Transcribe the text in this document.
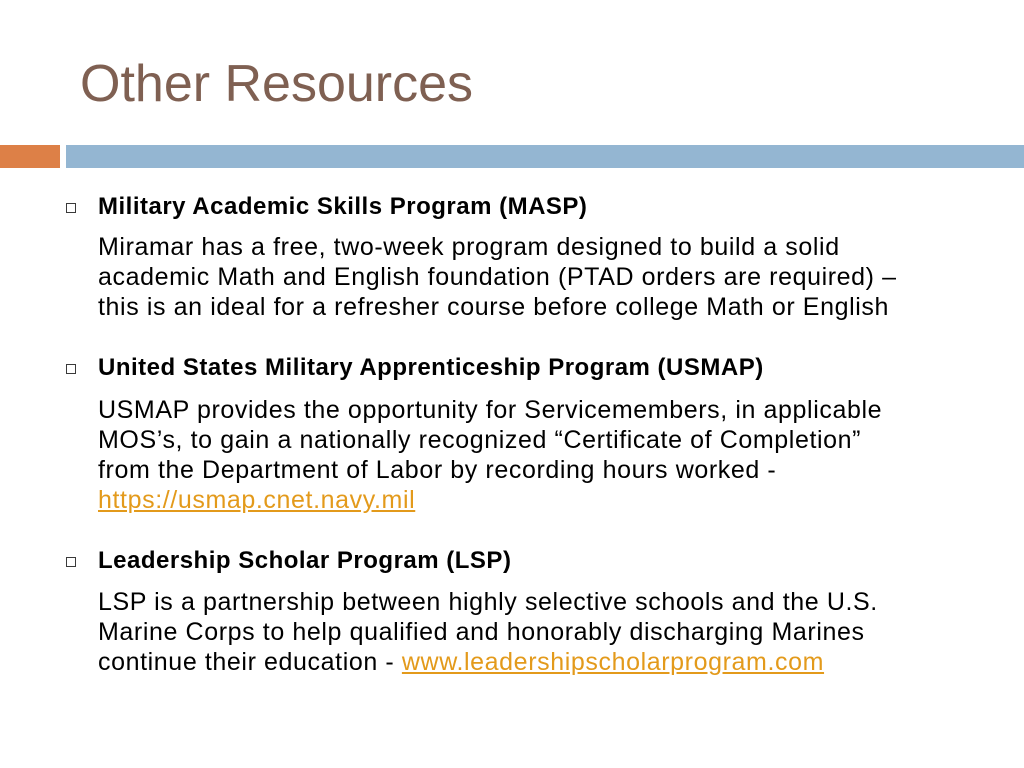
Other Resources
Military Academic Skills Program (MASP)
Miramar has a free, two-week program designed to build a solid
academic Math and English foundation (PTAD orders are required) –
this is an ideal for a refresher course before college Math or English
United States Military Apprenticeship Program (USMAP)
USMAP provides the opportunity for Servicemembers, in applicable
MOS’s, to gain a nationally recognized “Certificate of Completion”
from the Department of Labor by recording hours worked -
https://usmap.cnet.navy.mil
Leadership Scholar Program (LSP)
LSP is a partnership between highly selective schools and the U.S.
Marine Corps to help qualified and honorably discharging Marines
continue their education - www.leadershipscholarprogram.com
